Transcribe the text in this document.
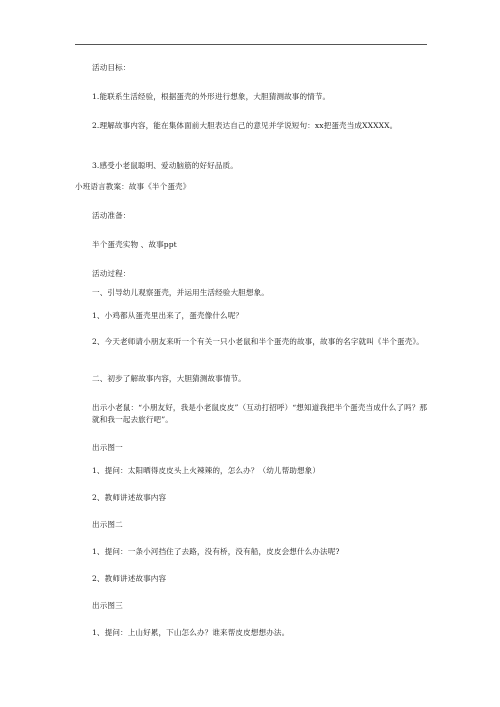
活动目标：
1.能联系生活经验，根据蛋壳的外形进行想象，大胆猜测故事的情节。
2.理解故事内容，能在集体面前大胆表达自己的意见并学说短句：xx把蛋壳当成XXXXX。
3.感受小老鼠聪明、爱动脑筋的好好品质。
小班语言教案：故事《半个蛋壳》
活动准备：
半个蛋壳实物 、故事ppt
活动过程：
一、引导幼儿观察蛋壳，并运用生活经验大胆想象。
1、小鸡都从蛋壳里出来了，蛋壳像什么呢？
2、今天老师请小朋友来听一个有关一只小老鼠和半个蛋壳的故事，故事的名字就叫《半个蛋壳》。
二、初步了解故事内容，大胆猜测故事情节。
出示小老鼠：“小朋友好，我是小老鼠皮皮”（互动打招呼）“想知道我把半个蛋壳当成什么了吗？那就和我一起去旅行吧”。
出示图一
1、提问：太阳晒得皮皮头上火辣辣的，怎么办？（幼儿帮助想象）
2、教师讲述故事内容
出示图二
1、提问：一条小河挡住了去路，没有桥，没有船，皮皮会想什么办法呢?
2、教师讲述故事内容
出示图三
1、提问：上山好累，下山怎么办？谁来帮皮皮想想办法。
